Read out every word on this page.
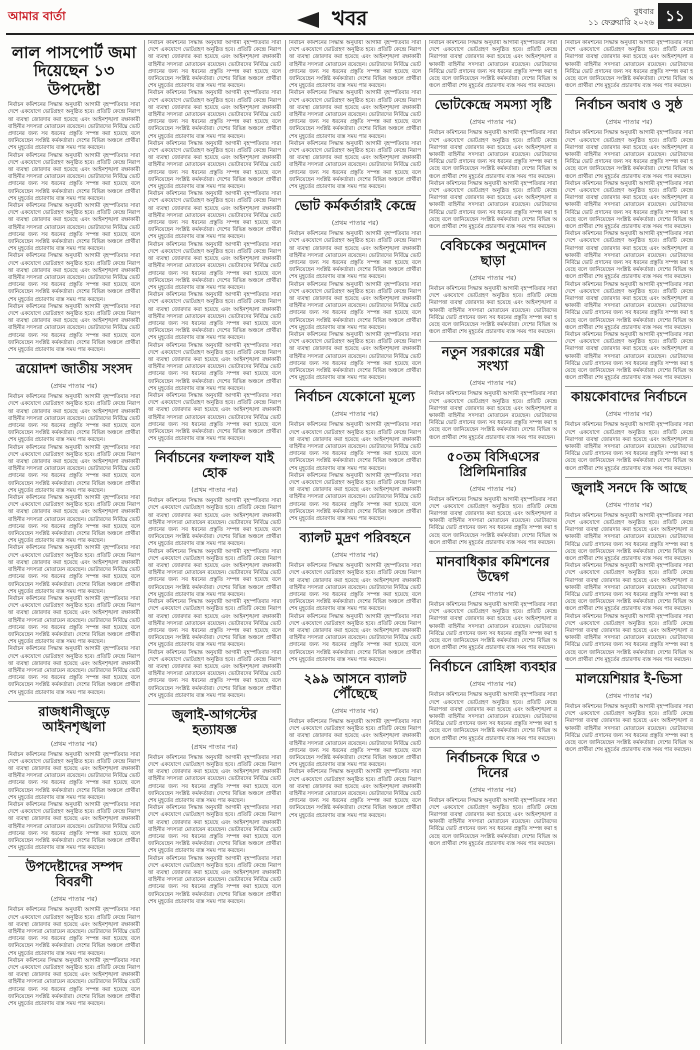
আমার বার্তা	খবর	বুধবার
১১ ফেব্রুয়ারি ২০২৬ ১১
লাল পাসপোর্ট জমা দিয়েছেন ১৩ উপদেষ্টা
নির্বাচন কমিশনের সিদ্ধান্ত অনুযায়ী আগামী বৃহস্পতিবার সারা দেশে একযোগে ভোটগ্রহণ অনুষ্ঠিত হবে। প্রতিটি কেন্দ্রে নিরাপত্তা ব্যবস্থা জোরদার করা হয়েছে এবং আইনশৃঙ্খলা রক্ষাকারী বাহিনীর সদস্যরা মোতায়েন রয়েছেন। ভোটারদের নির্বিঘ্নে ভোট প্রদানের জন্য সব ধরনের প্রস্তুতি সম্পন্ন করা হয়েছে বলে জানিয়েছেন সংশ্লিষ্ট কর্মকর্তারা। দেশের বিভিন্ন অঞ্চলে প্রার্থীরা শেষ মুহূর্তের প্রচারণায় ব্যস্ত সময় পার করছেন।
নির্বাচন কমিশনের সিদ্ধান্ত অনুযায়ী আগামী বৃহস্পতিবার সারা দেশে একযোগে ভোটগ্রহণ অনুষ্ঠিত হবে। প্রতিটি কেন্দ্রে নিরাপত্তা ব্যবস্থা জোরদার করা হয়েছে এবং আইনশৃঙ্খলা রক্ষাকারী বাহিনীর সদস্যরা মোতায়েন রয়েছেন। ভোটারদের নির্বিঘ্নে ভোট প্রদানের জন্য সব ধরনের প্রস্তুতি সম্পন্ন করা হয়েছে বলে জানিয়েছেন সংশ্লিষ্ট কর্মকর্তারা। দেশের বিভিন্ন অঞ্চলে প্রার্থীরা শেষ মুহূর্তের প্রচারণায় ব্যস্ত সময় পার করছেন।
নির্বাচন কমিশনের সিদ্ধান্ত অনুযায়ী আগামী বৃহস্পতিবার সারা দেশে একযোগে ভোটগ্রহণ অনুষ্ঠিত হবে। প্রতিটি কেন্দ্রে নিরাপত্তা ব্যবস্থা জোরদার করা হয়েছে এবং আইনশৃঙ্খলা রক্ষাকারী বাহিনীর সদস্যরা মোতায়েন রয়েছেন। ভোটারদের নির্বিঘ্নে ভোট প্রদানের জন্য সব ধরনের প্রস্তুতি সম্পন্ন করা হয়েছে বলে জানিয়েছেন সংশ্লিষ্ট কর্মকর্তারা। দেশের বিভিন্ন অঞ্চলে প্রার্থীরা শেষ মুহূর্তের প্রচারণায় ব্যস্ত সময় পার করছেন।
নির্বাচন কমিশনের সিদ্ধান্ত অনুযায়ী আগামী বৃহস্পতিবার সারা দেশে একযোগে ভোটগ্রহণ অনুষ্ঠিত হবে। প্রতিটি কেন্দ্রে নিরাপত্তা ব্যবস্থা জোরদার করা হয়েছে এবং আইনশৃঙ্খলা রক্ষাকারী বাহিনীর সদস্যরা মোতায়েন রয়েছেন। ভোটারদের নির্বিঘ্নে ভোট প্রদানের জন্য সব ধরনের প্রস্তুতি সম্পন্ন করা হয়েছে বলে জানিয়েছেন সংশ্লিষ্ট কর্মকর্তারা। দেশের বিভিন্ন অঞ্চলে প্রার্থীরা শেষ মুহূর্তের প্রচারণায় ব্যস্ত সময় পার করছেন।
নির্বাচন কমিশনের সিদ্ধান্ত অনুযায়ী আগামী বৃহস্পতিবার সারা দেশে একযোগে ভোটগ্রহণ অনুষ্ঠিত হবে। প্রতিটি কেন্দ্রে নিরাপত্তা ব্যবস্থা জোরদার করা হয়েছে এবং আইনশৃঙ্খলা রক্ষাকারী বাহিনীর সদস্যরা মোতায়েন রয়েছেন। ভোটারদের নির্বিঘ্নে ভোট প্রদানের জন্য সব ধরনের প্রস্তুতি সম্পন্ন করা হয়েছে বলে জানিয়েছেন সংশ্লিষ্ট কর্মকর্তারা। দেশের বিভিন্ন অঞ্চলে প্রার্থীরা শেষ মুহূর্তের প্রচারণায় ব্যস্ত সময় পার করছেন।
ত্রয়োদশ জাতীয় সংসদ
(প্রথম পাতার পর)
নির্বাচন কমিশনের সিদ্ধান্ত অনুযায়ী আগামী বৃহস্পতিবার সারা দেশে একযোগে ভোটগ্রহণ অনুষ্ঠিত হবে। প্রতিটি কেন্দ্রে নিরাপত্তা ব্যবস্থা জোরদার করা হয়েছে এবং আইনশৃঙ্খলা রক্ষাকারী বাহিনীর সদস্যরা মোতায়েন রয়েছেন। ভোটারদের নির্বিঘ্নে ভোট প্রদানের জন্য সব ধরনের প্রস্তুতি সম্পন্ন করা হয়েছে বলে জানিয়েছেন সংশ্লিষ্ট কর্মকর্তারা। দেশের বিভিন্ন অঞ্চলে প্রার্থীরা শেষ মুহূর্তের প্রচারণায় ব্যস্ত সময় পার করছেন।
নির্বাচন কমিশনের সিদ্ধান্ত অনুযায়ী আগামী বৃহস্পতিবার সারা দেশে একযোগে ভোটগ্রহণ অনুষ্ঠিত হবে। প্রতিটি কেন্দ্রে নিরাপত্তা ব্যবস্থা জোরদার করা হয়েছে এবং আইনশৃঙ্খলা রক্ষাকারী বাহিনীর সদস্যরা মোতায়েন রয়েছেন। ভোটারদের নির্বিঘ্নে ভোট প্রদানের জন্য সব ধরনের প্রস্তুতি সম্পন্ন করা হয়েছে বলে জানিয়েছেন সংশ্লিষ্ট কর্মকর্তারা। দেশের বিভিন্ন অঞ্চলে প্রার্থীরা শেষ মুহূর্তের প্রচারণায় ব্যস্ত সময় পার করছেন।
নির্বাচন কমিশনের সিদ্ধান্ত অনুযায়ী আগামী বৃহস্পতিবার সারা দেশে একযোগে ভোটগ্রহণ অনুষ্ঠিত হবে। প্রতিটি কেন্দ্রে নিরাপত্তা ব্যবস্থা জোরদার করা হয়েছে এবং আইনশৃঙ্খলা রক্ষাকারী বাহিনীর সদস্যরা মোতায়েন রয়েছেন। ভোটারদের নির্বিঘ্নে ভোট প্রদানের জন্য সব ধরনের প্রস্তুতি সম্পন্ন করা হয়েছে বলে জানিয়েছেন সংশ্লিষ্ট কর্মকর্তারা। দেশের বিভিন্ন অঞ্চলে প্রার্থীরা শেষ মুহূর্তের প্রচারণায় ব্যস্ত সময় পার করছেন।
নির্বাচন কমিশনের সিদ্ধান্ত অনুযায়ী আগামী বৃহস্পতিবার সারা দেশে একযোগে ভোটগ্রহণ অনুষ্ঠিত হবে। প্রতিটি কেন্দ্রে নিরাপত্তা ব্যবস্থা জোরদার করা হয়েছে এবং আইনশৃঙ্খলা রক্ষাকারী বাহিনীর সদস্যরা মোতায়েন রয়েছেন। ভোটারদের নির্বিঘ্নে ভোট প্রদানের জন্য সব ধরনের প্রস্তুতি সম্পন্ন করা হয়েছে বলে জানিয়েছেন সংশ্লিষ্ট কর্মকর্তারা। দেশের বিভিন্ন অঞ্চলে প্রার্থীরা শেষ মুহূর্তের প্রচারণায় ব্যস্ত সময় পার করছেন।
নির্বাচন কমিশনের সিদ্ধান্ত অনুযায়ী আগামী বৃহস্পতিবার সারা দেশে একযোগে ভোটগ্রহণ অনুষ্ঠিত হবে। প্রতিটি কেন্দ্রে নিরাপত্তা ব্যবস্থা জোরদার করা হয়েছে এবং আইনশৃঙ্খলা রক্ষাকারী বাহিনীর সদস্যরা মোতায়েন রয়েছেন। ভোটারদের নির্বিঘ্নে ভোট প্রদানের জন্য সব ধরনের প্রস্তুতি সম্পন্ন করা হয়েছে বলে জানিয়েছেন সংশ্লিষ্ট কর্মকর্তারা। দেশের বিভিন্ন অঞ্চলে প্রার্থীরা শেষ মুহূর্তের প্রচারণায় ব্যস্ত সময় পার করছেন।
নির্বাচন কমিশনের সিদ্ধান্ত অনুযায়ী আগামী বৃহস্পতিবার সারা দেশে একযোগে ভোটগ্রহণ অনুষ্ঠিত হবে। প্রতিটি কেন্দ্রে নিরাপত্তা ব্যবস্থা জোরদার করা হয়েছে এবং আইনশৃঙ্খলা রক্ষাকারী বাহিনীর সদস্যরা মোতায়েন রয়েছেন। ভোটারদের নির্বিঘ্নে ভোট প্রদানের জন্য সব ধরনের প্রস্তুতি সম্পন্ন করা হয়েছে বলে জানিয়েছেন সংশ্লিষ্ট কর্মকর্তারা। দেশের বিভিন্ন অঞ্চলে প্রার্থীরা শেষ মুহূর্তের প্রচারণায় ব্যস্ত সময় পার করছেন।
রাজধানীজুড়ে আইনশৃঙ্খলা
(প্রথম পাতার পর)
নির্বাচন কমিশনের সিদ্ধান্ত অনুযায়ী আগামী বৃহস্পতিবার সারা দেশে একযোগে ভোটগ্রহণ অনুষ্ঠিত হবে। প্রতিটি কেন্দ্রে নিরাপত্তা ব্যবস্থা জোরদার করা হয়েছে এবং আইনশৃঙ্খলা রক্ষাকারী বাহিনীর সদস্যরা মোতায়েন রয়েছেন। ভোটারদের নির্বিঘ্নে ভোট প্রদানের জন্য সব ধরনের প্রস্তুতি সম্পন্ন করা হয়েছে বলে জানিয়েছেন সংশ্লিষ্ট কর্মকর্তারা। দেশের বিভিন্ন অঞ্চলে প্রার্থীরা শেষ মুহূর্তের প্রচারণায় ব্যস্ত সময় পার করছেন।
নির্বাচন কমিশনের সিদ্ধান্ত অনুযায়ী আগামী বৃহস্পতিবার সারা দেশে একযোগে ভোটগ্রহণ অনুষ্ঠিত হবে। প্রতিটি কেন্দ্রে নিরাপত্তা ব্যবস্থা জোরদার করা হয়েছে এবং আইনশৃঙ্খলা রক্ষাকারী বাহিনীর সদস্যরা মোতায়েন রয়েছেন। ভোটারদের নির্বিঘ্নে ভোট প্রদানের জন্য সব ধরনের প্রস্তুতি সম্পন্ন করা হয়েছে বলে জানিয়েছেন সংশ্লিষ্ট কর্মকর্তারা। দেশের বিভিন্ন অঞ্চলে প্রার্থীরা শেষ মুহূর্তের প্রচারণায় ব্যস্ত সময় পার করছেন।
উপদেষ্টাদের সম্পদ বিবরণী
(প্রথম পাতার পর)
নির্বাচন কমিশনের সিদ্ধান্ত অনুযায়ী আগামী বৃহস্পতিবার সারা দেশে একযোগে ভোটগ্রহণ অনুষ্ঠিত হবে। প্রতিটি কেন্দ্রে নিরাপত্তা ব্যবস্থা জোরদার করা হয়েছে এবং আইনশৃঙ্খলা রক্ষাকারী বাহিনীর সদস্যরা মোতায়েন রয়েছেন। ভোটারদের নির্বিঘ্নে ভোট প্রদানের জন্য সব ধরনের প্রস্তুতি সম্পন্ন করা হয়েছে বলে জানিয়েছেন সংশ্লিষ্ট কর্মকর্তারা। দেশের বিভিন্ন অঞ্চলে প্রার্থীরা শেষ মুহূর্তের প্রচারণায় ব্যস্ত সময় পার করছেন।
নির্বাচন কমিশনের সিদ্ধান্ত অনুযায়ী আগামী বৃহস্পতিবার সারা দেশে একযোগে ভোটগ্রহণ অনুষ্ঠিত হবে। প্রতিটি কেন্দ্রে নিরাপত্তা ব্যবস্থা জোরদার করা হয়েছে এবং আইনশৃঙ্খলা রক্ষাকারী বাহিনীর সদস্যরা মোতায়েন রয়েছেন। ভোটারদের নির্বিঘ্নে ভোট প্রদানের জন্য সব ধরনের প্রস্তুতি সম্পন্ন করা হয়েছে বলে জানিয়েছেন সংশ্লিষ্ট কর্মকর্তারা। দেশের বিভিন্ন অঞ্চলে প্রার্থীরা শেষ মুহূর্তের প্রচারণায় ব্যস্ত সময় পার করছেন।
নির্বাচন কমিশনের সিদ্ধান্ত অনুযায়ী আগামী বৃহস্পতিবার সারা দেশে একযোগে ভোটগ্রহণ অনুষ্ঠিত হবে। প্রতিটি কেন্দ্রে নিরাপত্তা ব্যবস্থা জোরদার করা হয়েছে এবং আইনশৃঙ্খলা রক্ষাকারী বাহিনীর সদস্যরা মোতায়েন রয়েছেন। ভোটারদের নির্বিঘ্নে ভোট প্রদানের জন্য সব ধরনের প্রস্তুতি সম্পন্ন করা হয়েছে বলে জানিয়েছেন সংশ্লিষ্ট কর্মকর্তারা। দেশের বিভিন্ন অঞ্চলে প্রার্থীরা শেষ মুহূর্তের প্রচারণায় ব্যস্ত সময় পার করছেন।
নির্বাচন কমিশনের সিদ্ধান্ত অনুযায়ী আগামী বৃহস্পতিবার সারা দেশে একযোগে ভোটগ্রহণ অনুষ্ঠিত হবে। প্রতিটি কেন্দ্রে নিরাপত্তা ব্যবস্থা জোরদার করা হয়েছে এবং আইনশৃঙ্খলা রক্ষাকারী বাহিনীর সদস্যরা মোতায়েন রয়েছেন। ভোটারদের নির্বিঘ্নে ভোট প্রদানের জন্য সব ধরনের প্রস্তুতি সম্পন্ন করা হয়েছে বলে জানিয়েছেন সংশ্লিষ্ট কর্মকর্তারা। দেশের বিভিন্ন অঞ্চলে প্রার্থীরা শেষ মুহূর্তের প্রচারণায় ব্যস্ত সময় পার করছেন।
নির্বাচন কমিশনের সিদ্ধান্ত অনুযায়ী আগামী বৃহস্পতিবার সারা দেশে একযোগে ভোটগ্রহণ অনুষ্ঠিত হবে। প্রতিটি কেন্দ্রে নিরাপত্তা ব্যবস্থা জোরদার করা হয়েছে এবং আইনশৃঙ্খলা রক্ষাকারী বাহিনীর সদস্যরা মোতায়েন রয়েছেন। ভোটারদের নির্বিঘ্নে ভোট প্রদানের জন্য সব ধরনের প্রস্তুতি সম্পন্ন করা হয়েছে বলে জানিয়েছেন সংশ্লিষ্ট কর্মকর্তারা। দেশের বিভিন্ন অঞ্চলে প্রার্থীরা শেষ মুহূর্তের প্রচারণায় ব্যস্ত সময় পার করছেন।
নির্বাচন কমিশনের সিদ্ধান্ত অনুযায়ী আগামী বৃহস্পতিবার সারা দেশে একযোগে ভোটগ্রহণ অনুষ্ঠিত হবে। প্রতিটি কেন্দ্রে নিরাপত্তা ব্যবস্থা জোরদার করা হয়েছে এবং আইনশৃঙ্খলা রক্ষাকারী বাহিনীর সদস্যরা মোতায়েন রয়েছেন। ভোটারদের নির্বিঘ্নে ভোট প্রদানের জন্য সব ধরনের প্রস্তুতি সম্পন্ন করা হয়েছে বলে জানিয়েছেন সংশ্লিষ্ট কর্মকর্তারা। দেশের বিভিন্ন অঞ্চলে প্রার্থীরা শেষ মুহূর্তের প্রচারণায় ব্যস্ত সময় পার করছেন।
নির্বাচন কমিশনের সিদ্ধান্ত অনুযায়ী আগামী বৃহস্পতিবার সারা দেশে একযোগে ভোটগ্রহণ অনুষ্ঠিত হবে। প্রতিটি কেন্দ্রে নিরাপত্তা ব্যবস্থা জোরদার করা হয়েছে এবং আইনশৃঙ্খলা রক্ষাকারী বাহিনীর সদস্যরা মোতায়েন রয়েছেন। ভোটারদের নির্বিঘ্নে ভোট প্রদানের জন্য সব ধরনের প্রস্তুতি সম্পন্ন করা হয়েছে বলে জানিয়েছেন সংশ্লিষ্ট কর্মকর্তারা। দেশের বিভিন্ন অঞ্চলে প্রার্থীরা শেষ মুহূর্তের প্রচারণায় ব্যস্ত সময় পার করছেন।
নির্বাচন কমিশনের সিদ্ধান্ত অনুযায়ী আগামী বৃহস্পতিবার সারা দেশে একযোগে ভোটগ্রহণ অনুষ্ঠিত হবে। প্রতিটি কেন্দ্রে নিরাপত্তা ব্যবস্থা জোরদার করা হয়েছে এবং আইনশৃঙ্খলা রক্ষাকারী বাহিনীর সদস্যরা মোতায়েন রয়েছেন। ভোটারদের নির্বিঘ্নে ভোট প্রদানের জন্য সব ধরনের প্রস্তুতি সম্পন্ন করা হয়েছে বলে জানিয়েছেন সংশ্লিষ্ট কর্মকর্তারা। দেশের বিভিন্ন অঞ্চলে প্রার্থীরা শেষ মুহূর্তের প্রচারণায় ব্যস্ত সময় পার করছেন।
নির্বাচন কমিশনের সিদ্ধান্ত অনুযায়ী আগামী বৃহস্পতিবার সারা দেশে একযোগে ভোটগ্রহণ অনুষ্ঠিত হবে। প্রতিটি কেন্দ্রে নিরাপত্তা ব্যবস্থা জোরদার করা হয়েছে এবং আইনশৃঙ্খলা রক্ষাকারী বাহিনীর সদস্যরা মোতায়েন রয়েছেন। ভোটারদের নির্বিঘ্নে ভোট প্রদানের জন্য সব ধরনের প্রস্তুতি সম্পন্ন করা হয়েছে বলে জানিয়েছেন সংশ্লিষ্ট কর্মকর্তারা। দেশের বিভিন্ন অঞ্চলে প্রার্থীরা শেষ মুহূর্তের প্রচারণায় ব্যস্ত সময় পার করছেন।
নির্বাচন কমিশনের সিদ্ধান্ত অনুযায়ী আগামী বৃহস্পতিবার সারা দেশে একযোগে ভোটগ্রহণ অনুষ্ঠিত হবে। প্রতিটি কেন্দ্রে নিরাপত্তা ব্যবস্থা জোরদার করা হয়েছে এবং আইনশৃঙ্খলা রক্ষাকারী বাহিনীর সদস্যরা মোতায়েন রয়েছেন। ভোটারদের নির্বিঘ্নে ভোট প্রদানের জন্য সব ধরনের প্রস্তুতি সম্পন্ন করা হয়েছে বলে জানিয়েছেন সংশ্লিষ্ট কর্মকর্তারা। দেশের বিভিন্ন অঞ্চলে প্রার্থীরা শেষ মুহূর্তের প্রচারণায় ব্যস্ত সময় পার করছেন।
নির্বাচনের ফলাফল যাই হোক
(প্রথম পাতার পর)
নির্বাচন কমিশনের সিদ্ধান্ত অনুযায়ী আগামী বৃহস্পতিবার সারা দেশে একযোগে ভোটগ্রহণ অনুষ্ঠিত হবে। প্রতিটি কেন্দ্রে নিরাপত্তা ব্যবস্থা জোরদার করা হয়েছে এবং আইনশৃঙ্খলা রক্ষাকারী বাহিনীর সদস্যরা মোতায়েন রয়েছেন। ভোটারদের নির্বিঘ্নে ভোট প্রদানের জন্য সব ধরনের প্রস্তুতি সম্পন্ন করা হয়েছে বলে জানিয়েছেন সংশ্লিষ্ট কর্মকর্তারা। দেশের বিভিন্ন অঞ্চলে প্রার্থীরা শেষ মুহূর্তের প্রচারণায় ব্যস্ত সময় পার করছেন।
নির্বাচন কমিশনের সিদ্ধান্ত অনুযায়ী আগামী বৃহস্পতিবার সারা দেশে একযোগে ভোটগ্রহণ অনুষ্ঠিত হবে। প্রতিটি কেন্দ্রে নিরাপত্তা ব্যবস্থা জোরদার করা হয়েছে এবং আইনশৃঙ্খলা রক্ষাকারী বাহিনীর সদস্যরা মোতায়েন রয়েছেন। ভোটারদের নির্বিঘ্নে ভোট প্রদানের জন্য সব ধরনের প্রস্তুতি সম্পন্ন করা হয়েছে বলে জানিয়েছেন সংশ্লিষ্ট কর্মকর্তারা। দেশের বিভিন্ন অঞ্চলে প্রার্থীরা শেষ মুহূর্তের প্রচারণায় ব্যস্ত সময় পার করছেন।
নির্বাচন কমিশনের সিদ্ধান্ত অনুযায়ী আগামী বৃহস্পতিবার সারা দেশে একযোগে ভোটগ্রহণ অনুষ্ঠিত হবে। প্রতিটি কেন্দ্রে নিরাপত্তা ব্যবস্থা জোরদার করা হয়েছে এবং আইনশৃঙ্খলা রক্ষাকারী বাহিনীর সদস্যরা মোতায়েন রয়েছেন। ভোটারদের নির্বিঘ্নে ভোট প্রদানের জন্য সব ধরনের প্রস্তুতি সম্পন্ন করা হয়েছে বলে জানিয়েছেন সংশ্লিষ্ট কর্মকর্তারা। দেশের বিভিন্ন অঞ্চলে প্রার্থীরা শেষ মুহূর্তের প্রচারণায় ব্যস্ত সময় পার করছেন।
নির্বাচন কমিশনের সিদ্ধান্ত অনুযায়ী আগামী বৃহস্পতিবার সারা দেশে একযোগে ভোটগ্রহণ অনুষ্ঠিত হবে। প্রতিটি কেন্দ্রে নিরাপত্তা ব্যবস্থা জোরদার করা হয়েছে এবং আইনশৃঙ্খলা রক্ষাকারী বাহিনীর সদস্যরা মোতায়েন রয়েছেন। ভোটারদের নির্বিঘ্নে ভোট প্রদানের জন্য সব ধরনের প্রস্তুতি সম্পন্ন করা হয়েছে বলে জানিয়েছেন সংশ্লিষ্ট কর্মকর্তারা। দেশের বিভিন্ন অঞ্চলে প্রার্থীরা শেষ মুহূর্তের প্রচারণায় ব্যস্ত সময় পার করছেন।
জুলাই-আগস্টের হত্যাযজ্ঞ
(প্রথম পাতার পর)
নির্বাচন কমিশনের সিদ্ধান্ত অনুযায়ী আগামী বৃহস্পতিবার সারা দেশে একযোগে ভোটগ্রহণ অনুষ্ঠিত হবে। প্রতিটি কেন্দ্রে নিরাপত্তা ব্যবস্থা জোরদার করা হয়েছে এবং আইনশৃঙ্খলা রক্ষাকারী বাহিনীর সদস্যরা মোতায়েন রয়েছেন। ভোটারদের নির্বিঘ্নে ভোট প্রদানের জন্য সব ধরনের প্রস্তুতি সম্পন্ন করা হয়েছে বলে জানিয়েছেন সংশ্লিষ্ট কর্মকর্তারা। দেশের বিভিন্ন অঞ্চলে প্রার্থীরা শেষ মুহূর্তের প্রচারণায় ব্যস্ত সময় পার করছেন।
নির্বাচন কমিশনের সিদ্ধান্ত অনুযায়ী আগামী বৃহস্পতিবার সারা দেশে একযোগে ভোটগ্রহণ অনুষ্ঠিত হবে। প্রতিটি কেন্দ্রে নিরাপত্তা ব্যবস্থা জোরদার করা হয়েছে এবং আইনশৃঙ্খলা রক্ষাকারী বাহিনীর সদস্যরা মোতায়েন রয়েছেন। ভোটারদের নির্বিঘ্নে ভোট প্রদানের জন্য সব ধরনের প্রস্তুতি সম্পন্ন করা হয়েছে বলে জানিয়েছেন সংশ্লিষ্ট কর্মকর্তারা। দেশের বিভিন্ন অঞ্চলে প্রার্থীরা শেষ মুহূর্তের প্রচারণায় ব্যস্ত সময় পার করছেন।
নির্বাচন কমিশনের সিদ্ধান্ত অনুযায়ী আগামী বৃহস্পতিবার সারা দেশে একযোগে ভোটগ্রহণ অনুষ্ঠিত হবে। প্রতিটি কেন্দ্রে নিরাপত্তা ব্যবস্থা জোরদার করা হয়েছে এবং আইনশৃঙ্খলা রক্ষাকারী বাহিনীর সদস্যরা মোতায়েন রয়েছেন। ভোটারদের নির্বিঘ্নে ভোট প্রদানের জন্য সব ধরনের প্রস্তুতি সম্পন্ন করা হয়েছে বলে জানিয়েছেন সংশ্লিষ্ট কর্মকর্তারা। দেশের বিভিন্ন অঞ্চলে প্রার্থীরা শেষ মুহূর্তের প্রচারণায় ব্যস্ত সময় পার করছেন।
নির্বাচন কমিশনের সিদ্ধান্ত অনুযায়ী আগামী বৃহস্পতিবার সারা দেশে একযোগে ভোটগ্রহণ অনুষ্ঠিত হবে। প্রতিটি কেন্দ্রে নিরাপত্তা ব্যবস্থা জোরদার করা হয়েছে এবং আইনশৃঙ্খলা রক্ষাকারী বাহিনীর সদস্যরা মোতায়েন রয়েছেন। ভোটারদের নির্বিঘ্নে ভোট প্রদানের জন্য সব ধরনের প্রস্তুতি সম্পন্ন করা হয়েছে বলে জানিয়েছেন সংশ্লিষ্ট কর্মকর্তারা। দেশের বিভিন্ন অঞ্চলে প্রার্থীরা শেষ মুহূর্তের প্রচারণায় ব্যস্ত সময় পার করছেন।
নির্বাচন কমিশনের সিদ্ধান্ত অনুযায়ী আগামী বৃহস্পতিবার সারা দেশে একযোগে ভোটগ্রহণ অনুষ্ঠিত হবে। প্রতিটি কেন্দ্রে নিরাপত্তা ব্যবস্থা জোরদার করা হয়েছে এবং আইনশৃঙ্খলা রক্ষাকারী বাহিনীর সদস্যরা মোতায়েন রয়েছেন। ভোটারদের নির্বিঘ্নে ভোট প্রদানের জন্য সব ধরনের প্রস্তুতি সম্পন্ন করা হয়েছে বলে জানিয়েছেন সংশ্লিষ্ট কর্মকর্তারা। দেশের বিভিন্ন অঞ্চলে প্রার্থীরা শেষ মুহূর্তের প্রচারণায় ব্যস্ত সময় পার করছেন।
নির্বাচন কমিশনের সিদ্ধান্ত অনুযায়ী আগামী বৃহস্পতিবার সারা দেশে একযোগে ভোটগ্রহণ অনুষ্ঠিত হবে। প্রতিটি কেন্দ্রে নিরাপত্তা ব্যবস্থা জোরদার করা হয়েছে এবং আইনশৃঙ্খলা রক্ষাকারী বাহিনীর সদস্যরা মোতায়েন রয়েছেন। ভোটারদের নির্বিঘ্নে ভোট প্রদানের জন্য সব ধরনের প্রস্তুতি সম্পন্ন করা হয়েছে বলে জানিয়েছেন সংশ্লিষ্ট কর্মকর্তারা। দেশের বিভিন্ন অঞ্চলে প্রার্থীরা শেষ মুহূর্তের প্রচারণায় ব্যস্ত সময় পার করছেন।
ভোট কর্মকর্তারাই কেন্দ্রে
(প্রথম পাতার পর)
নির্বাচন কমিশনের সিদ্ধান্ত অনুযায়ী আগামী বৃহস্পতিবার সারা দেশে একযোগে ভোটগ্রহণ অনুষ্ঠিত হবে। প্রতিটি কেন্দ্রে নিরাপত্তা ব্যবস্থা জোরদার করা হয়েছে এবং আইনশৃঙ্খলা রক্ষাকারী বাহিনীর সদস্যরা মোতায়েন রয়েছেন। ভোটারদের নির্বিঘ্নে ভোট প্রদানের জন্য সব ধরনের প্রস্তুতি সম্পন্ন করা হয়েছে বলে জানিয়েছেন সংশ্লিষ্ট কর্মকর্তারা। দেশের বিভিন্ন অঞ্চলে প্রার্থীরা শেষ মুহূর্তের প্রচারণায় ব্যস্ত সময় পার করছেন।
নির্বাচন কমিশনের সিদ্ধান্ত অনুযায়ী আগামী বৃহস্পতিবার সারা দেশে একযোগে ভোটগ্রহণ অনুষ্ঠিত হবে। প্রতিটি কেন্দ্রে নিরাপত্তা ব্যবস্থা জোরদার করা হয়েছে এবং আইনশৃঙ্খলা রক্ষাকারী বাহিনীর সদস্যরা মোতায়েন রয়েছেন। ভোটারদের নির্বিঘ্নে ভোট প্রদানের জন্য সব ধরনের প্রস্তুতি সম্পন্ন করা হয়েছে বলে জানিয়েছেন সংশ্লিষ্ট কর্মকর্তারা। দেশের বিভিন্ন অঞ্চলে প্রার্থীরা শেষ মুহূর্তের প্রচারণায় ব্যস্ত সময় পার করছেন।
নির্বাচন কমিশনের সিদ্ধান্ত অনুযায়ী আগামী বৃহস্পতিবার সারা দেশে একযোগে ভোটগ্রহণ অনুষ্ঠিত হবে। প্রতিটি কেন্দ্রে নিরাপত্তা ব্যবস্থা জোরদার করা হয়েছে এবং আইনশৃঙ্খলা রক্ষাকারী বাহিনীর সদস্যরা মোতায়েন রয়েছেন। ভোটারদের নির্বিঘ্নে ভোট প্রদানের জন্য সব ধরনের প্রস্তুতি সম্পন্ন করা হয়েছে বলে জানিয়েছেন সংশ্লিষ্ট কর্মকর্তারা। দেশের বিভিন্ন অঞ্চলে প্রার্থীরা শেষ মুহূর্তের প্রচারণায় ব্যস্ত সময় পার করছেন।
নির্বাচন যেকোনো মূল্যে
(প্রথম পাতার পর)
নির্বাচন কমিশনের সিদ্ধান্ত অনুযায়ী আগামী বৃহস্পতিবার সারা দেশে একযোগে ভোটগ্রহণ অনুষ্ঠিত হবে। প্রতিটি কেন্দ্রে নিরাপত্তা ব্যবস্থা জোরদার করা হয়েছে এবং আইনশৃঙ্খলা রক্ষাকারী বাহিনীর সদস্যরা মোতায়েন রয়েছেন। ভোটারদের নির্বিঘ্নে ভোট প্রদানের জন্য সব ধরনের প্রস্তুতি সম্পন্ন করা হয়েছে বলে জানিয়েছেন সংশ্লিষ্ট কর্মকর্তারা। দেশের বিভিন্ন অঞ্চলে প্রার্থীরা শেষ মুহূর্তের প্রচারণায় ব্যস্ত সময় পার করছেন।
নির্বাচন কমিশনের সিদ্ধান্ত অনুযায়ী আগামী বৃহস্পতিবার সারা দেশে একযোগে ভোটগ্রহণ অনুষ্ঠিত হবে। প্রতিটি কেন্দ্রে নিরাপত্তা ব্যবস্থা জোরদার করা হয়েছে এবং আইনশৃঙ্খলা রক্ষাকারী বাহিনীর সদস্যরা মোতায়েন রয়েছেন। ভোটারদের নির্বিঘ্নে ভোট প্রদানের জন্য সব ধরনের প্রস্তুতি সম্পন্ন করা হয়েছে বলে জানিয়েছেন সংশ্লিষ্ট কর্মকর্তারা। দেশের বিভিন্ন অঞ্চলে প্রার্থীরা শেষ মুহূর্তের প্রচারণায় ব্যস্ত সময় পার করছেন।
ব্যালট মুদ্রণ পরিবহনে
(প্রথম পাতার পর)
নির্বাচন কমিশনের সিদ্ধান্ত অনুযায়ী আগামী বৃহস্পতিবার সারা দেশে একযোগে ভোটগ্রহণ অনুষ্ঠিত হবে। প্রতিটি কেন্দ্রে নিরাপত্তা ব্যবস্থা জোরদার করা হয়েছে এবং আইনশৃঙ্খলা রক্ষাকারী বাহিনীর সদস্যরা মোতায়েন রয়েছেন। ভোটারদের নির্বিঘ্নে ভোট প্রদানের জন্য সব ধরনের প্রস্তুতি সম্পন্ন করা হয়েছে বলে জানিয়েছেন সংশ্লিষ্ট কর্মকর্তারা। দেশের বিভিন্ন অঞ্চলে প্রার্থীরা শেষ মুহূর্তের প্রচারণায় ব্যস্ত সময় পার করছেন।
নির্বাচন কমিশনের সিদ্ধান্ত অনুযায়ী আগামী বৃহস্পতিবার সারা দেশে একযোগে ভোটগ্রহণ অনুষ্ঠিত হবে। প্রতিটি কেন্দ্রে নিরাপত্তা ব্যবস্থা জোরদার করা হয়েছে এবং আইনশৃঙ্খলা রক্ষাকারী বাহিনীর সদস্যরা মোতায়েন রয়েছেন। ভোটারদের নির্বিঘ্নে ভোট প্রদানের জন্য সব ধরনের প্রস্তুতি সম্পন্ন করা হয়েছে বলে জানিয়েছেন সংশ্লিষ্ট কর্মকর্তারা। দেশের বিভিন্ন অঞ্চলে প্রার্থীরা শেষ মুহূর্তের প্রচারণায় ব্যস্ত সময় পার করছেন।
২৯৯ আসনে ব্যালট পৌঁছেছে
(প্রথম পাতার পর)
নির্বাচন কমিশনের সিদ্ধান্ত অনুযায়ী আগামী বৃহস্পতিবার সারা দেশে একযোগে ভোটগ্রহণ অনুষ্ঠিত হবে। প্রতিটি কেন্দ্রে নিরাপত্তা ব্যবস্থা জোরদার করা হয়েছে এবং আইনশৃঙ্খলা রক্ষাকারী বাহিনীর সদস্যরা মোতায়েন রয়েছেন। ভোটারদের নির্বিঘ্নে ভোট প্রদানের জন্য সব ধরনের প্রস্তুতি সম্পন্ন করা হয়েছে বলে জানিয়েছেন সংশ্লিষ্ট কর্মকর্তারা। দেশের বিভিন্ন অঞ্চলে প্রার্থীরা শেষ মুহূর্তের প্রচারণায় ব্যস্ত সময় পার করছেন।
নির্বাচন কমিশনের সিদ্ধান্ত অনুযায়ী আগামী বৃহস্পতিবার সারা দেশে একযোগে ভোটগ্রহণ অনুষ্ঠিত হবে। প্রতিটি কেন্দ্রে নিরাপত্তা ব্যবস্থা জোরদার করা হয়েছে এবং আইনশৃঙ্খলা রক্ষাকারী বাহিনীর সদস্যরা মোতায়েন রয়েছেন। ভোটারদের নির্বিঘ্নে ভোট প্রদানের জন্য সব ধরনের প্রস্তুতি সম্পন্ন করা হয়েছে বলে জানিয়েছেন সংশ্লিষ্ট কর্মকর্তারা। দেশের বিভিন্ন অঞ্চলে প্রার্থীরা শেষ মুহূর্তের প্রচারণায় ব্যস্ত সময় পার করছেন।
নির্বাচন কমিশনের সিদ্ধান্ত অনুযায়ী আগামী বৃহস্পতিবার সারা দেশে একযোগে ভোটগ্রহণ অনুষ্ঠিত হবে। প্রতিটি কেন্দ্রে নিরাপত্তা ব্যবস্থা জোরদার করা হয়েছে এবং আইনশৃঙ্খলা রক্ষাকারী বাহিনীর সদস্যরা মোতায়েন রয়েছেন। ভোটারদের নির্বিঘ্নে ভোট প্রদানের জন্য সব ধরনের প্রস্তুতি সম্পন্ন করা হয়েছে বলে জানিয়েছেন সংশ্লিষ্ট কর্মকর্তারা। দেশের বিভিন্ন অঞ্চলে প্রার্থীরা শেষ মুহূর্তের প্রচারণায় ব্যস্ত সময় পার করছেন।
ভোটকেন্দ্রে সমস্যা সৃষ্টি
(প্রথম পাতার পর)
নির্বাচন কমিশনের সিদ্ধান্ত অনুযায়ী আগামী বৃহস্পতিবার সারা দেশে একযোগে ভোটগ্রহণ অনুষ্ঠিত হবে। প্রতিটি কেন্দ্রে নিরাপত্তা ব্যবস্থা জোরদার করা হয়েছে এবং আইনশৃঙ্খলা রক্ষাকারী বাহিনীর সদস্যরা মোতায়েন রয়েছেন। ভোটারদের নির্বিঘ্নে ভোট প্রদানের জন্য সব ধরনের প্রস্তুতি সম্পন্ন করা হয়েছে বলে জানিয়েছেন সংশ্লিষ্ট কর্মকর্তারা। দেশের বিভিন্ন অঞ্চলে প্রার্থীরা শেষ মুহূর্তের প্রচারণায় ব্যস্ত সময় পার করছেন।
নির্বাচন কমিশনের সিদ্ধান্ত অনুযায়ী আগামী বৃহস্পতিবার সারা দেশে একযোগে ভোটগ্রহণ অনুষ্ঠিত হবে। প্রতিটি কেন্দ্রে নিরাপত্তা ব্যবস্থা জোরদার করা হয়েছে এবং আইনশৃঙ্খলা রক্ষাকারী বাহিনীর সদস্যরা মোতায়েন রয়েছেন। ভোটারদের নির্বিঘ্নে ভোট প্রদানের জন্য সব ধরনের প্রস্তুতি সম্পন্ন করা হয়েছে বলে জানিয়েছেন সংশ্লিষ্ট কর্মকর্তারা। দেশের বিভিন্ন অঞ্চলে প্রার্থীরা শেষ মুহূর্তের প্রচারণায় ব্যস্ত সময় পার করছেন।
বেবিচকের অনুমোদন ছাড়া
(প্রথম পাতার পর)
নির্বাচন কমিশনের সিদ্ধান্ত অনুযায়ী আগামী বৃহস্পতিবার সারা দেশে একযোগে ভোটগ্রহণ অনুষ্ঠিত হবে। প্রতিটি কেন্দ্রে নিরাপত্তা ব্যবস্থা জোরদার করা হয়েছে এবং আইনশৃঙ্খলা রক্ষাকারী বাহিনীর সদস্যরা মোতায়েন রয়েছেন। ভোটারদের নির্বিঘ্নে ভোট প্রদানের জন্য সব ধরনের প্রস্তুতি সম্পন্ন করা হয়েছে বলে জানিয়েছেন সংশ্লিষ্ট কর্মকর্তারা। দেশের বিভিন্ন অঞ্চলে প্রার্থীরা শেষ মুহূর্তের প্রচারণায় ব্যস্ত সময় পার করছেন।
নতুন সরকারের মন্ত্রী সংখ্যা
(প্রথম পাতার পর)
নির্বাচন কমিশনের সিদ্ধান্ত অনুযায়ী আগামী বৃহস্পতিবার সারা দেশে একযোগে ভোটগ্রহণ অনুষ্ঠিত হবে। প্রতিটি কেন্দ্রে নিরাপত্তা ব্যবস্থা জোরদার করা হয়েছে এবং আইনশৃঙ্খলা রক্ষাকারী বাহিনীর সদস্যরা মোতায়েন রয়েছেন। ভোটারদের নির্বিঘ্নে ভোট প্রদানের জন্য সব ধরনের প্রস্তুতি সম্পন্ন করা হয়েছে বলে জানিয়েছেন সংশ্লিষ্ট কর্মকর্তারা। দেশের বিভিন্ন অঞ্চলে প্রার্থীরা শেষ মুহূর্তের প্রচারণায় ব্যস্ত সময় পার করছেন।
৫০তম বিসিএসের প্রিলিমিনারির
(প্রথম পাতার পর)
নির্বাচন কমিশনের সিদ্ধান্ত অনুযায়ী আগামী বৃহস্পতিবার সারা দেশে একযোগে ভোটগ্রহণ অনুষ্ঠিত হবে। প্রতিটি কেন্দ্রে নিরাপত্তা ব্যবস্থা জোরদার করা হয়েছে এবং আইনশৃঙ্খলা রক্ষাকারী বাহিনীর সদস্যরা মোতায়েন রয়েছেন। ভোটারদের নির্বিঘ্নে ভোট প্রদানের জন্য সব ধরনের প্রস্তুতি সম্পন্ন করা হয়েছে বলে জানিয়েছেন সংশ্লিষ্ট কর্মকর্তারা। দেশের বিভিন্ন অঞ্চলে প্রার্থীরা শেষ মুহূর্তের প্রচারণায় ব্যস্ত সময় পার করছেন।
মানবাধিকার কমিশনের উদ্বেগ
(প্রথম পাতার পর)
নির্বাচন কমিশনের সিদ্ধান্ত অনুযায়ী আগামী বৃহস্পতিবার সারা দেশে একযোগে ভোটগ্রহণ অনুষ্ঠিত হবে। প্রতিটি কেন্দ্রে নিরাপত্তা ব্যবস্থা জোরদার করা হয়েছে এবং আইনশৃঙ্খলা রক্ষাকারী বাহিনীর সদস্যরা মোতায়েন রয়েছেন। ভোটারদের নির্বিঘ্নে ভোট প্রদানের জন্য সব ধরনের প্রস্তুতি সম্পন্ন করা হয়েছে বলে জানিয়েছেন সংশ্লিষ্ট কর্মকর্তারা। দেশের বিভিন্ন অঞ্চলে প্রার্থীরা শেষ মুহূর্তের প্রচারণায় ব্যস্ত সময় পার করছেন।
নির্বাচনে রোহিঙ্গা ব্যবহার
(প্রথম পাতার পর)
নির্বাচন কমিশনের সিদ্ধান্ত অনুযায়ী আগামী বৃহস্পতিবার সারা দেশে একযোগে ভোটগ্রহণ অনুষ্ঠিত হবে। প্রতিটি কেন্দ্রে নিরাপত্তা ব্যবস্থা জোরদার করা হয়েছে এবং আইনশৃঙ্খলা রক্ষাকারী বাহিনীর সদস্যরা মোতায়েন রয়েছেন। ভোটারদের নির্বিঘ্নে ভোট প্রদানের জন্য সব ধরনের প্রস্তুতি সম্পন্ন করা হয়েছে বলে জানিয়েছেন সংশ্লিষ্ট কর্মকর্তারা। দেশের বিভিন্ন অঞ্চলে প্রার্থীরা শেষ মুহূর্তের প্রচারণায় ব্যস্ত সময় পার করছেন।
নির্বাচনকে ঘিরে ৩ দিনের
(প্রথম পাতার পর)
নির্বাচন কমিশনের সিদ্ধান্ত অনুযায়ী আগামী বৃহস্পতিবার সারা দেশে একযোগে ভোটগ্রহণ অনুষ্ঠিত হবে। প্রতিটি কেন্দ্রে নিরাপত্তা ব্যবস্থা জোরদার করা হয়েছে এবং আইনশৃঙ্খলা রক্ষাকারী বাহিনীর সদস্যরা মোতায়েন রয়েছেন। ভোটারদের নির্বিঘ্নে ভোট প্রদানের জন্য সব ধরনের প্রস্তুতি সম্পন্ন করা হয়েছে বলে জানিয়েছেন সংশ্লিষ্ট কর্মকর্তারা। দেশের বিভিন্ন অঞ্চলে প্রার্থীরা শেষ মুহূর্তের প্রচারণায় ব্যস্ত সময় পার করছেন।
নির্বাচন কমিশনের সিদ্ধান্ত অনুযায়ী আগামী বৃহস্পতিবার সারা দেশে একযোগে ভোটগ্রহণ অনুষ্ঠিত হবে। প্রতিটি কেন্দ্রে নিরাপত্তা ব্যবস্থা জোরদার করা হয়েছে এবং আইনশৃঙ্খলা রক্ষাকারী বাহিনীর সদস্যরা মোতায়েন রয়েছেন। ভোটারদের নির্বিঘ্নে ভোট প্রদানের জন্য সব ধরনের প্রস্তুতি সম্পন্ন করা হয়েছে বলে জানিয়েছেন সংশ্লিষ্ট কর্মকর্তারা। দেশের বিভিন্ন অঞ্চলে প্রার্থীরা শেষ মুহূর্তের প্রচারণায় ব্যস্ত সময় পার করছেন।
নির্বাচন অবাধ ও সুষ্ঠ
(প্রথম পাতার পর)
নির্বাচন কমিশনের সিদ্ধান্ত অনুযায়ী আগামী বৃহস্পতিবার সারা দেশে একযোগে ভোটগ্রহণ অনুষ্ঠিত হবে। প্রতিটি কেন্দ্রে নিরাপত্তা ব্যবস্থা জোরদার করা হয়েছে এবং আইনশৃঙ্খলা রক্ষাকারী বাহিনীর সদস্যরা মোতায়েন রয়েছেন। ভোটারদের নির্বিঘ্নে ভোট প্রদানের জন্য সব ধরনের প্রস্তুতি সম্পন্ন করা হয়েছে বলে জানিয়েছেন সংশ্লিষ্ট কর্মকর্তারা। দেশের বিভিন্ন অঞ্চলে প্রার্থীরা শেষ মুহূর্তের প্রচারণায় ব্যস্ত সময় পার করছেন।
নির্বাচন কমিশনের সিদ্ধান্ত অনুযায়ী আগামী বৃহস্পতিবার সারা দেশে একযোগে ভোটগ্রহণ অনুষ্ঠিত হবে। প্রতিটি কেন্দ্রে নিরাপত্তা ব্যবস্থা জোরদার করা হয়েছে এবং আইনশৃঙ্খলা রক্ষাকারী বাহিনীর সদস্যরা মোতায়েন রয়েছেন। ভোটারদের নির্বিঘ্নে ভোট প্রদানের জন্য সব ধরনের প্রস্তুতি সম্পন্ন করা হয়েছে বলে জানিয়েছেন সংশ্লিষ্ট কর্মকর্তারা। দেশের বিভিন্ন অঞ্চলে প্রার্থীরা শেষ মুহূর্তের প্রচারণায় ব্যস্ত সময় পার করছেন।
নির্বাচন কমিশনের সিদ্ধান্ত অনুযায়ী আগামী বৃহস্পতিবার সারা দেশে একযোগে ভোটগ্রহণ অনুষ্ঠিত হবে। প্রতিটি কেন্দ্রে নিরাপত্তা ব্যবস্থা জোরদার করা হয়েছে এবং আইনশৃঙ্খলা রক্ষাকারী বাহিনীর সদস্যরা মোতায়েন রয়েছেন। ভোটারদের নির্বিঘ্নে ভোট প্রদানের জন্য সব ধরনের প্রস্তুতি সম্পন্ন করা হয়েছে বলে জানিয়েছেন সংশ্লিষ্ট কর্মকর্তারা। দেশের বিভিন্ন অঞ্চলে প্রার্থীরা শেষ মুহূর্তের প্রচারণায় ব্যস্ত সময় পার করছেন।
নির্বাচন কমিশনের সিদ্ধান্ত অনুযায়ী আগামী বৃহস্পতিবার সারা দেশে একযোগে ভোটগ্রহণ অনুষ্ঠিত হবে। প্রতিটি কেন্দ্রে নিরাপত্তা ব্যবস্থা জোরদার করা হয়েছে এবং আইনশৃঙ্খলা রক্ষাকারী বাহিনীর সদস্যরা মোতায়েন রয়েছেন। ভোটারদের নির্বিঘ্নে ভোট প্রদানের জন্য সব ধরনের প্রস্তুতি সম্পন্ন করা হয়েছে বলে জানিয়েছেন সংশ্লিষ্ট কর্মকর্তারা। দেশের বিভিন্ন অঞ্চলে প্রার্থীরা শেষ মুহূর্তের প্রচারণায় ব্যস্ত সময় পার করছেন।
নির্বাচন কমিশনের সিদ্ধান্ত অনুযায়ী আগামী বৃহস্পতিবার সারা দেশে একযোগে ভোটগ্রহণ অনুষ্ঠিত হবে। প্রতিটি কেন্দ্রে নিরাপত্তা ব্যবস্থা জোরদার করা হয়েছে এবং আইনশৃঙ্খলা রক্ষাকারী বাহিনীর সদস্যরা মোতায়েন রয়েছেন। ভোটারদের নির্বিঘ্নে ভোট প্রদানের জন্য সব ধরনের প্রস্তুতি সম্পন্ন করা হয়েছে বলে জানিয়েছেন সংশ্লিষ্ট কর্মকর্তারা। দেশের বিভিন্ন অঞ্চলে প্রার্থীরা শেষ মুহূর্তের প্রচারণায় ব্যস্ত সময় পার করছেন।
কায়কোবাদের নির্বাচনে
(প্রথম পাতার পর)
নির্বাচন কমিশনের সিদ্ধান্ত অনুযায়ী আগামী বৃহস্পতিবার সারা দেশে একযোগে ভোটগ্রহণ অনুষ্ঠিত হবে। প্রতিটি কেন্দ্রে নিরাপত্তা ব্যবস্থা জোরদার করা হয়েছে এবং আইনশৃঙ্খলা রক্ষাকারী বাহিনীর সদস্যরা মোতায়েন রয়েছেন। ভোটারদের নির্বিঘ্নে ভোট প্রদানের জন্য সব ধরনের প্রস্তুতি সম্পন্ন করা হয়েছে বলে জানিয়েছেন সংশ্লিষ্ট কর্মকর্তারা। দেশের বিভিন্ন অঞ্চলে প্রার্থীরা শেষ মুহূর্তের প্রচারণায় ব্যস্ত সময় পার করছেন।
জুলাই সনদে কি আছে
(প্রথম পাতার পর)
নির্বাচন কমিশনের সিদ্ধান্ত অনুযায়ী আগামী বৃহস্পতিবার সারা দেশে একযোগে ভোটগ্রহণ অনুষ্ঠিত হবে। প্রতিটি কেন্দ্রে নিরাপত্তা ব্যবস্থা জোরদার করা হয়েছে এবং আইনশৃঙ্খলা রক্ষাকারী বাহিনীর সদস্যরা মোতায়েন রয়েছেন। ভোটারদের নির্বিঘ্নে ভোট প্রদানের জন্য সব ধরনের প্রস্তুতি সম্পন্ন করা হয়েছে বলে জানিয়েছেন সংশ্লিষ্ট কর্মকর্তারা। দেশের বিভিন্ন অঞ্চলে প্রার্থীরা শেষ মুহূর্তের প্রচারণায় ব্যস্ত সময় পার করছেন।
নির্বাচন কমিশনের সিদ্ধান্ত অনুযায়ী আগামী বৃহস্পতিবার সারা দেশে একযোগে ভোটগ্রহণ অনুষ্ঠিত হবে। প্রতিটি কেন্দ্রে নিরাপত্তা ব্যবস্থা জোরদার করা হয়েছে এবং আইনশৃঙ্খলা রক্ষাকারী বাহিনীর সদস্যরা মোতায়েন রয়েছেন। ভোটারদের নির্বিঘ্নে ভোট প্রদানের জন্য সব ধরনের প্রস্তুতি সম্পন্ন করা হয়েছে বলে জানিয়েছেন সংশ্লিষ্ট কর্মকর্তারা। দেশের বিভিন্ন অঞ্চলে প্রার্থীরা শেষ মুহূর্তের প্রচারণায় ব্যস্ত সময় পার করছেন।
নির্বাচন কমিশনের সিদ্ধান্ত অনুযায়ী আগামী বৃহস্পতিবার সারা দেশে একযোগে ভোটগ্রহণ অনুষ্ঠিত হবে। প্রতিটি কেন্দ্রে নিরাপত্তা ব্যবস্থা জোরদার করা হয়েছে এবং আইনশৃঙ্খলা রক্ষাকারী বাহিনীর সদস্যরা মোতায়েন রয়েছেন। ভোটারদের নির্বিঘ্নে ভোট প্রদানের জন্য সব ধরনের প্রস্তুতি সম্পন্ন করা হয়েছে বলে জানিয়েছেন সংশ্লিষ্ট কর্মকর্তারা। দেশের বিভিন্ন অঞ্চলে প্রার্থীরা শেষ মুহূর্তের প্রচারণায় ব্যস্ত সময় পার করছেন।
মালয়েশিয়ার ই-ভিসা
(প্রথম পাতার পর)
নির্বাচন কমিশনের সিদ্ধান্ত অনুযায়ী আগামী বৃহস্পতিবার সারা দেশে একযোগে ভোটগ্রহণ অনুষ্ঠিত হবে। প্রতিটি কেন্দ্রে নিরাপত্তা ব্যবস্থা জোরদার করা হয়েছে এবং আইনশৃঙ্খলা রক্ষাকারী বাহিনীর সদস্যরা মোতায়েন রয়েছেন। ভোটারদের নির্বিঘ্নে ভোট প্রদানের জন্য সব ধরনের প্রস্তুতি সম্পন্ন করা হয়েছে বলে জানিয়েছেন সংশ্লিষ্ট কর্মকর্তারা। দেশের বিভিন্ন অঞ্চলে প্রার্থীরা শেষ মুহূর্তের প্রচারণায় ব্যস্ত সময় পার করছেন।
